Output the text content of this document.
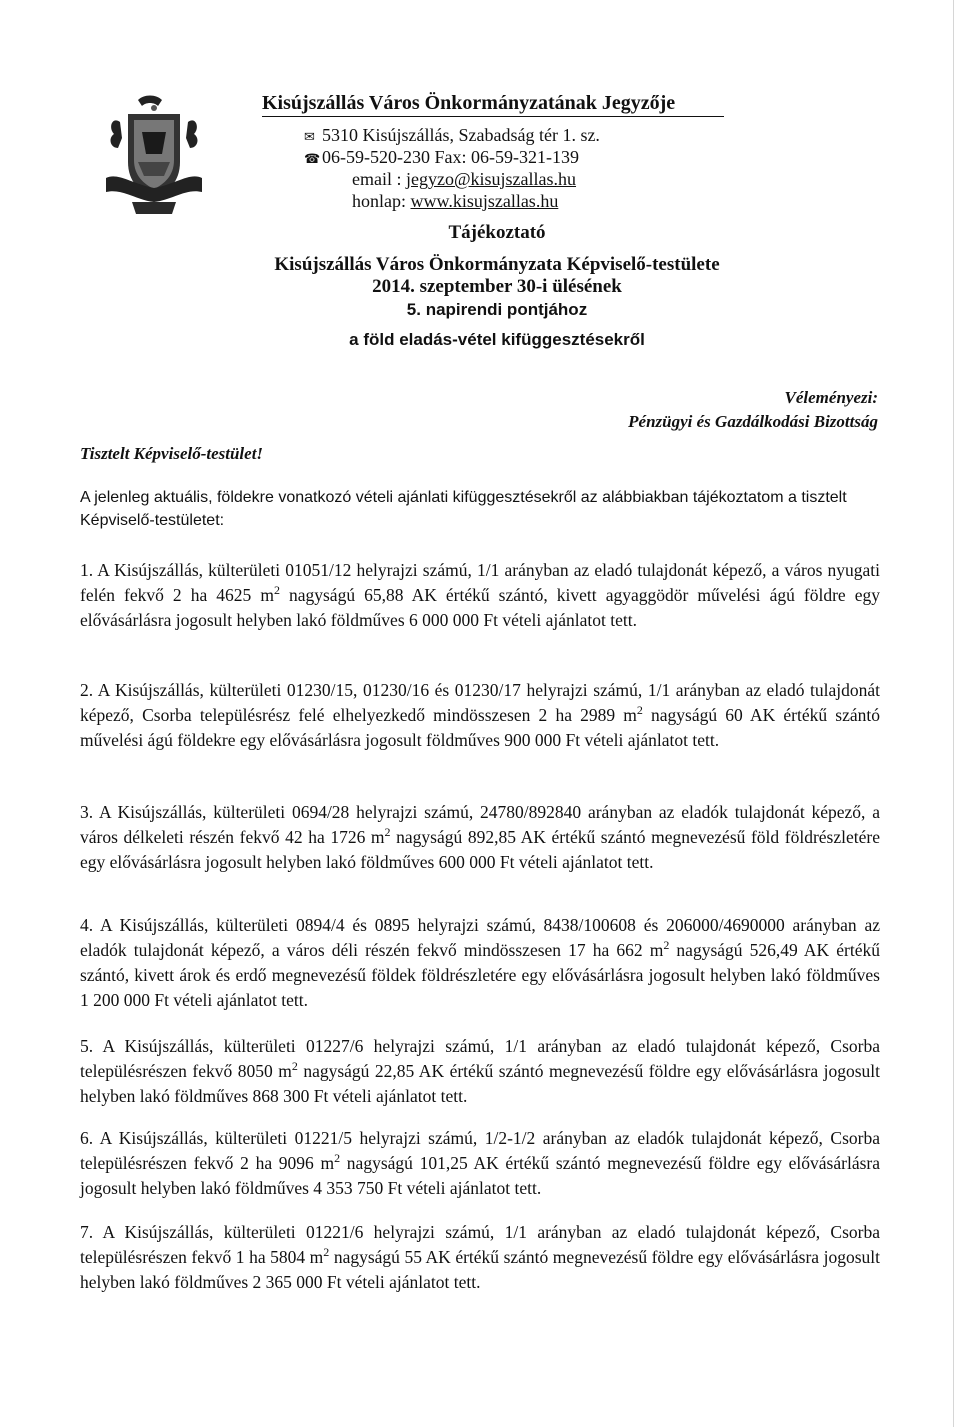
Kisújszállás Város Önkormányzatának Jegyzője
✉ 5310 Kisújszállás, Szabadság tér 1. sz.
☎06-59-520-230 Fax: 06-59-321-139
email : jegyzo@kisujszallas.hu
honlap: www.kisujszallas.hu
Tájékoztató
Kisújszállás Város Önkormányzata Képviselő-testülete
2014. szeptember 30-i ülésének
5. napirendi pontjához
a föld eladás-vétel kifüggesztésekről
Véleményezi:
Pénzügyi és Gazdálkodási Bizottság
Tisztelt Képviselő-testület!
A jelenleg aktuális, földekre vonatkozó vételi ajánlati kifüggesztésekről az alábbiakban tájékoztatom a tisztelt Képviselő-testületet:
1. A Kisújszállás, külterületi 01051/12 helyrajzi számú, 1/1 arányban az eladó tulajdonát képező, a város nyugati felén fekvő 2 ha 4625 $m^2$ nagyságú 65,88 AK értékű szántó, kivett agyaggödör művelési ágú földre egy elővásárlásra jogosult helyben lakó földműves 6 000 000 Ft vételi ajánlatot tett.
2. A Kisújszállás, külterületi 01230/15, 01230/16 és 01230/17 helyrajzi számú, 1/1 arányban az eladó tulajdonát képező, Csorba településrész felé elhelyezkedő mindösszesen 2 ha 2989 $m^2$ nagyságú 60 AK értékű szántó művelési ágú földekre egy elővásárlásra jogosult földműves 900 000 Ft vételi ajánlatot tett.
3. A Kisújszállás, külterületi 0694/28 helyrajzi számú, 24780/892840 arányban az eladók tulajdonát képező, a város délkeleti részén fekvő 42 ha 1726 $m^2$ nagyságú 892,85 AK értékű szántó megnevezésű föld földrészletére egy elővásárlásra jogosult helyben lakó földműves 600 000 Ft vételi ajánlatot tett.
4. A Kisújszállás, külterületi 0894/4 és 0895 helyrajzi számú, 8438/100608 és 206000/4690000 arányban az eladók tulajdonát képező, a város déli részén fekvő mindösszesen 17 ha 662 $m^2$ nagyságú 526,49 AK értékű szántó, kivett árok és erdő megnevezésű földek földrészletére egy elővásárlásra jogosult helyben lakó földműves 1 200 000 Ft vételi ajánlatot tett.
5. A Kisújszállás, külterületi 01227/6 helyrajzi számú, 1/1 arányban az eladó tulajdonát képező, Csorba településrészen fekvő 8050 $m^2$ nagyságú 22,85 AK értékű szántó megnevezésű földre egy elővásárlásra jogosult helyben lakó földműves 868 300 Ft vételi ajánlatot tett.
6. A Kisújszállás, külterületi 01221/5 helyrajzi számú, 1/2-1/2 arányban az eladók tulajdonát képező, Csorba településrészen fekvő 2 ha 9096 $m^2$ nagyságú 101,25 AK értékű szántó megnevezésű földre egy elővásárlásra jogosult helyben lakó földműves 4 353 750 Ft vételi ajánlatot tett.
7. A Kisújszállás, külterületi 01221/6 helyrajzi számú, 1/1 arányban az eladó tulajdonát képező, Csorba településrészen fekvő 1 ha 5804 $m^2$ nagyságú 55 AK értékű szántó megnevezésű földre egy elővásárlásra jogosult helyben lakó földműves 2 365 000 Ft vételi ajánlatot tett.
